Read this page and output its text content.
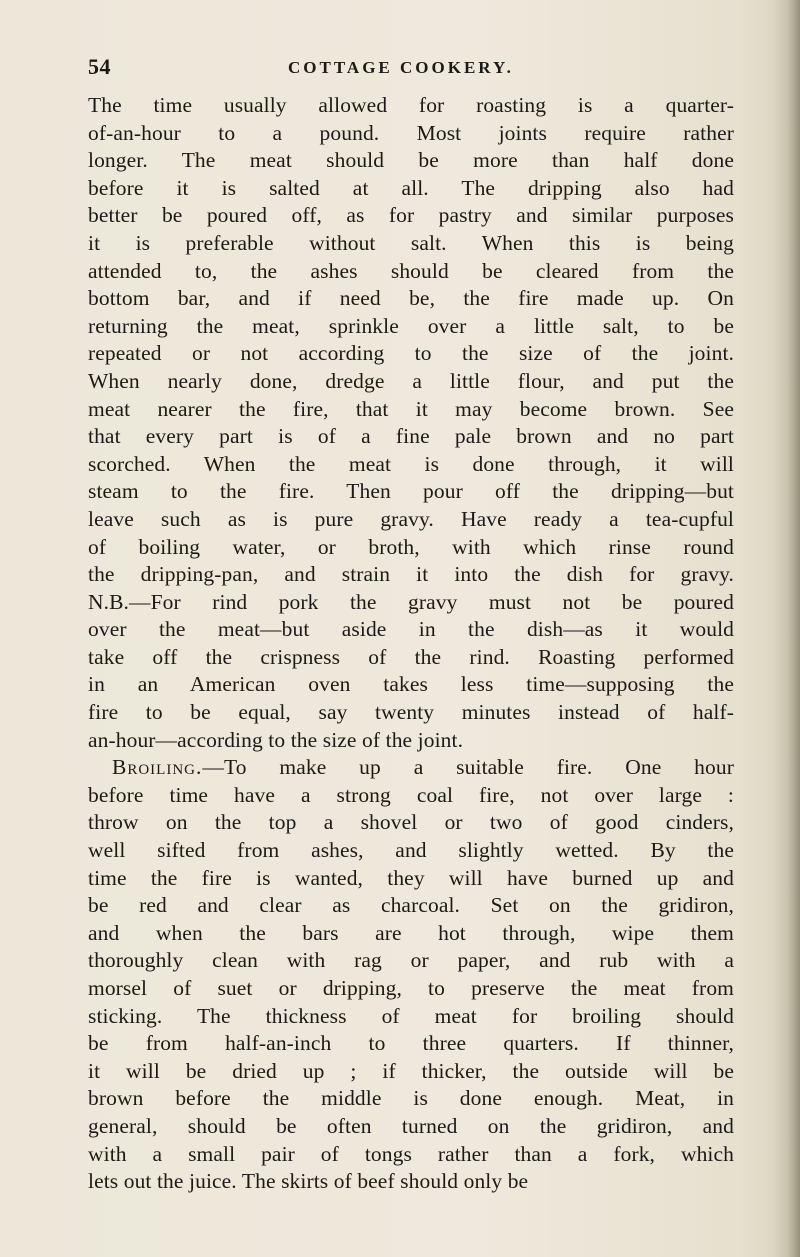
54	COTTAGE COOKERY.
The time usually allowed for roasting is a quarter-
of-an-hour to a pound. Most joints require rather
longer. The meat should be more than half done
before it is salted at all. The dripping also had
better be poured off, as for pastry and similar purposes
it is preferable without salt. When this is being
attended to, the ashes should be cleared from the
bottom bar, and if need be, the fire made up. On
returning the meat, sprinkle over a little salt, to be
repeated or not according to the size of the joint.
When nearly done, dredge a little flour, and put the
meat nearer the fire, that it may become brown. See
that every part is of a fine pale brown and no part
scorched. When the meat is done through, it will
steam to the fire. Then pour off the dripping—but
leave such as is pure gravy. Have ready a tea-cupful
of boiling water, or broth, with which rinse round
the dripping-pan, and strain it into the dish for gravy.
N.B.—For rind pork the gravy must not be poured
over the meat—but aside in the dish—as it would
take off the crispness of the rind. Roasting performed
in an American oven takes less time—supposing the
fire to be equal, say twenty minutes instead of half-
an-hour—according to the size of the joint.
Broiling.—To make up a suitable fire. One hour
before time have a strong coal fire, not over large :
throw on the top a shovel or two of good cinders,
well sifted from ashes, and slightly wetted. By the
time the fire is wanted, they will have burned up and
be red and clear as charcoal. Set on the gridiron,
and when the bars are hot through, wipe them
thoroughly clean with rag or paper, and rub with a
morsel of suet or dripping, to preserve the meat from
sticking. The thickness of meat for broiling should
be from half-an-inch to three quarters. If thinner,
it will be dried up ; if thicker, the outside will be
brown before the middle is done enough. Meat, in
general, should be often turned on the gridiron, and
with a small pair of tongs rather than a fork, which
lets out the juice. The skirts of beef should only be
